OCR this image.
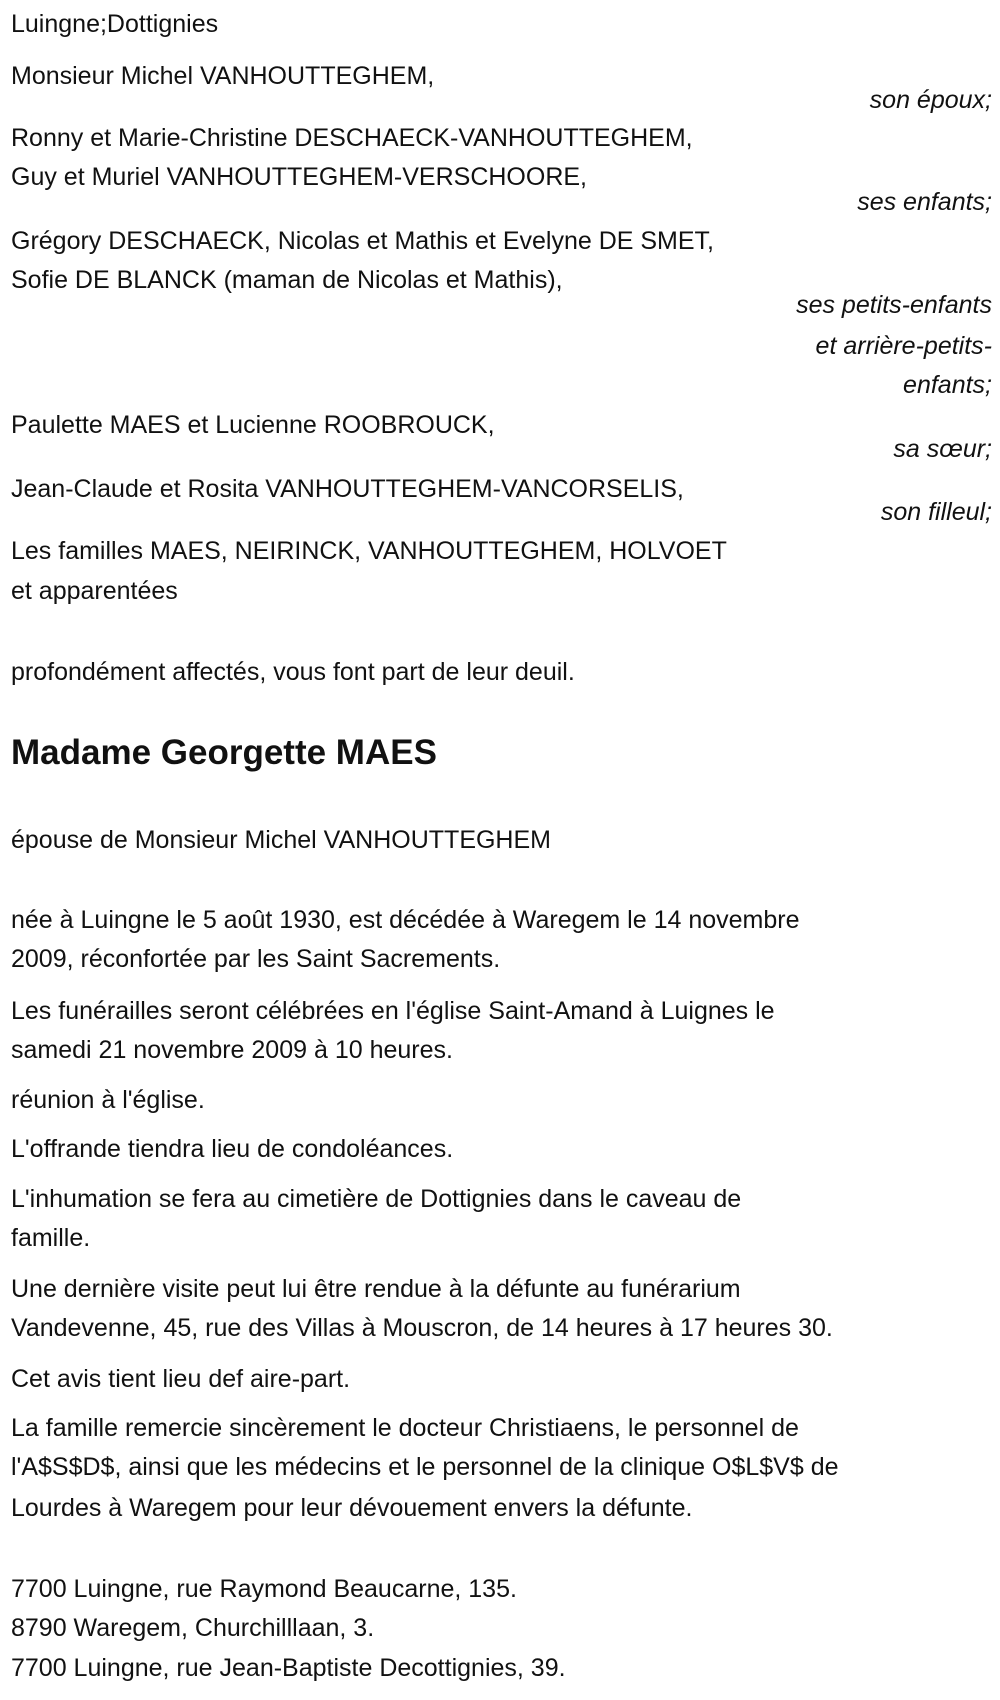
Luingne;Dottignies
Monsieur Michel VANHOUTTEGHEM,
son époux;
Ronny et Marie-Christine DESCHAECK-VANHOUTTEGHEM,
Guy et Muriel VANHOUTTEGHEM-VERSCHOORE,
ses enfants;
Grégory DESCHAECK, Nicolas et Mathis et Evelyne DE SMET,
Sofie DE BLANCK (maman de Nicolas et Mathis),
ses petits-enfants
et arrière-petits-
enfants;
Paulette MAES et Lucienne ROOBROUCK,
sa sœur;
Jean-Claude et Rosita VANHOUTTEGHEM-VANCORSELIS,
son filleul;
Les familles MAES, NEIRINCK, VANHOUTTEGHEM, HOLVOET
et apparentées
profondément affectés, vous font part de leur deuil.
Madame Georgette MAES
épouse de Monsieur Michel VANHOUTTEGHEM
née à Luingne le 5 août 1930, est décédée à Waregem le 14 novembre
2009, réconfortée par les Saint Sacrements.
Les funérailles seront célébrées en l'église Saint-Amand à Luignes le
samedi 21 novembre 2009 à 10 heures.
réunion à l'église.
L'offrande tiendra lieu de condoléances.
L'inhumation se fera au cimetière de Dottignies dans le caveau de
famille.
Une dernière visite peut lui être rendue à la défunte au funérarium
Vandevenne, 45, rue des Villas à Mouscron, de 14 heures à 17 heures 30.
Cet avis tient lieu def aire-part.
La famille remercie sincèrement le docteur Christiaens, le personnel de
l'A$S$D$, ainsi que les médecins et le personnel de la clinique O$L$V$ de
Lourdes à Waregem pour leur dévouement envers la défunte.
7700 Luingne, rue Raymond Beaucarne, 135.
8790 Waregem, Churchilllaan, 3.
7700 Luingne, rue Jean-Baptiste Decottignies, 39.
